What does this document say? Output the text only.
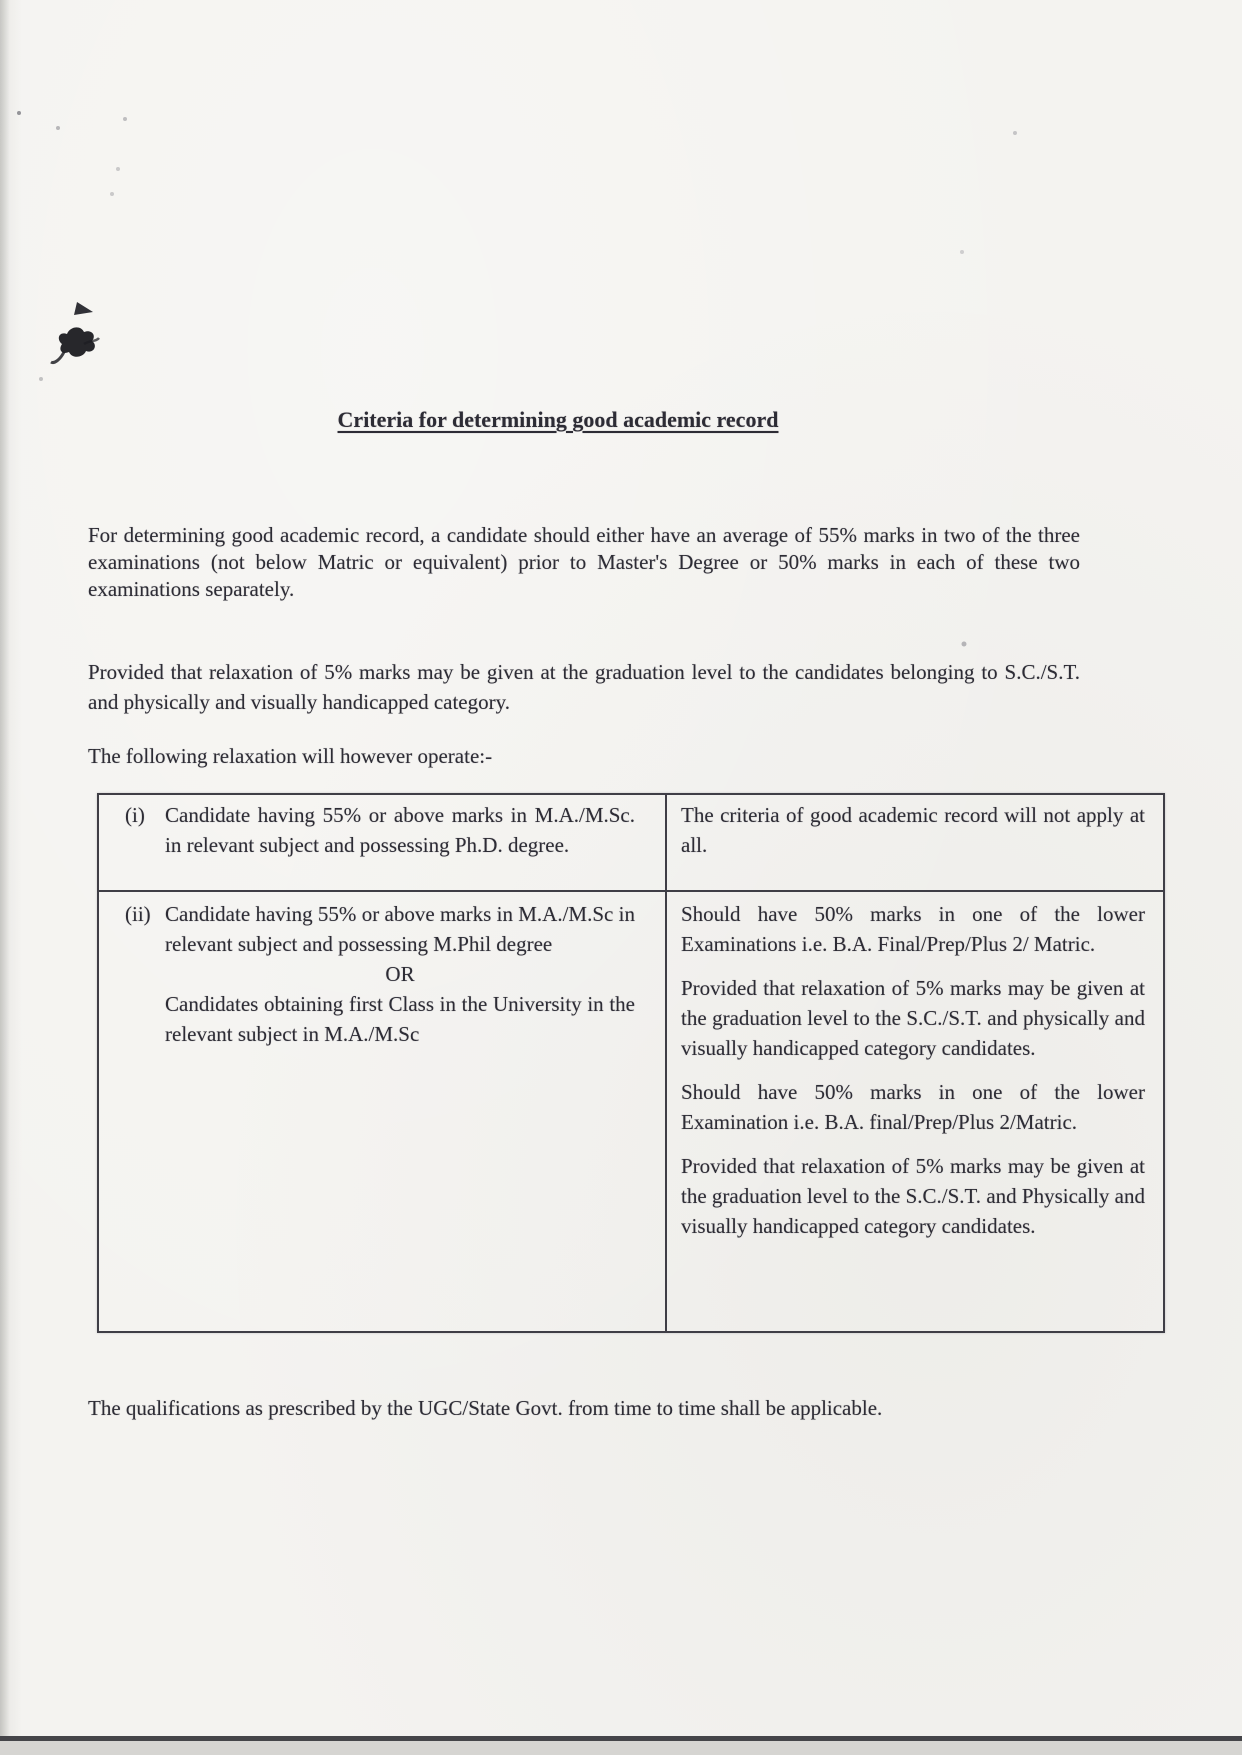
Criteria for determining good academic record
For determining good academic record, a candidate should either have an average of 55% marks in two of the three examinations (not below Matric or equivalent) prior to Master's Degree or 50% marks in each of these two examinations separately.
Provided that relaxation of 5% marks may be given at the graduation level to the candidates belonging to S.C./S.T. and physically and visually handicapped category.
The following relaxation will however operate:-
(i) Candidate having 55% or above marks in M.A./M.Sc. in relevant subject and possessing Ph.D. degree.

The criteria of good academic record will not apply at all.

(ii) Candidate having 55% or above marks in M.A./M.Sc in relevant subject and possessing M.Phil degree
OR
Candidates obtaining first Class in the University in the relevant subject in M.A./M.Sc

Should have 50% marks in one of the lower Examinations i.e. B.A. Final/Prep/Plus 2/ Matric.

Provided that relaxation of 5% marks may be given at the graduation level to the S.C./S.T. and physically and visually handicapped category candidates.

Should have 50% marks in one of the lower Examination i.e. B.A. final/Prep/Plus 2/Matric.

Provided that relaxation of 5% marks may be given at the graduation level to the S.C./S.T. and Physically and visually handicapped category candidates.

The qualifications as prescribed by the UGC/State Govt. from time to time shall be applicable.
